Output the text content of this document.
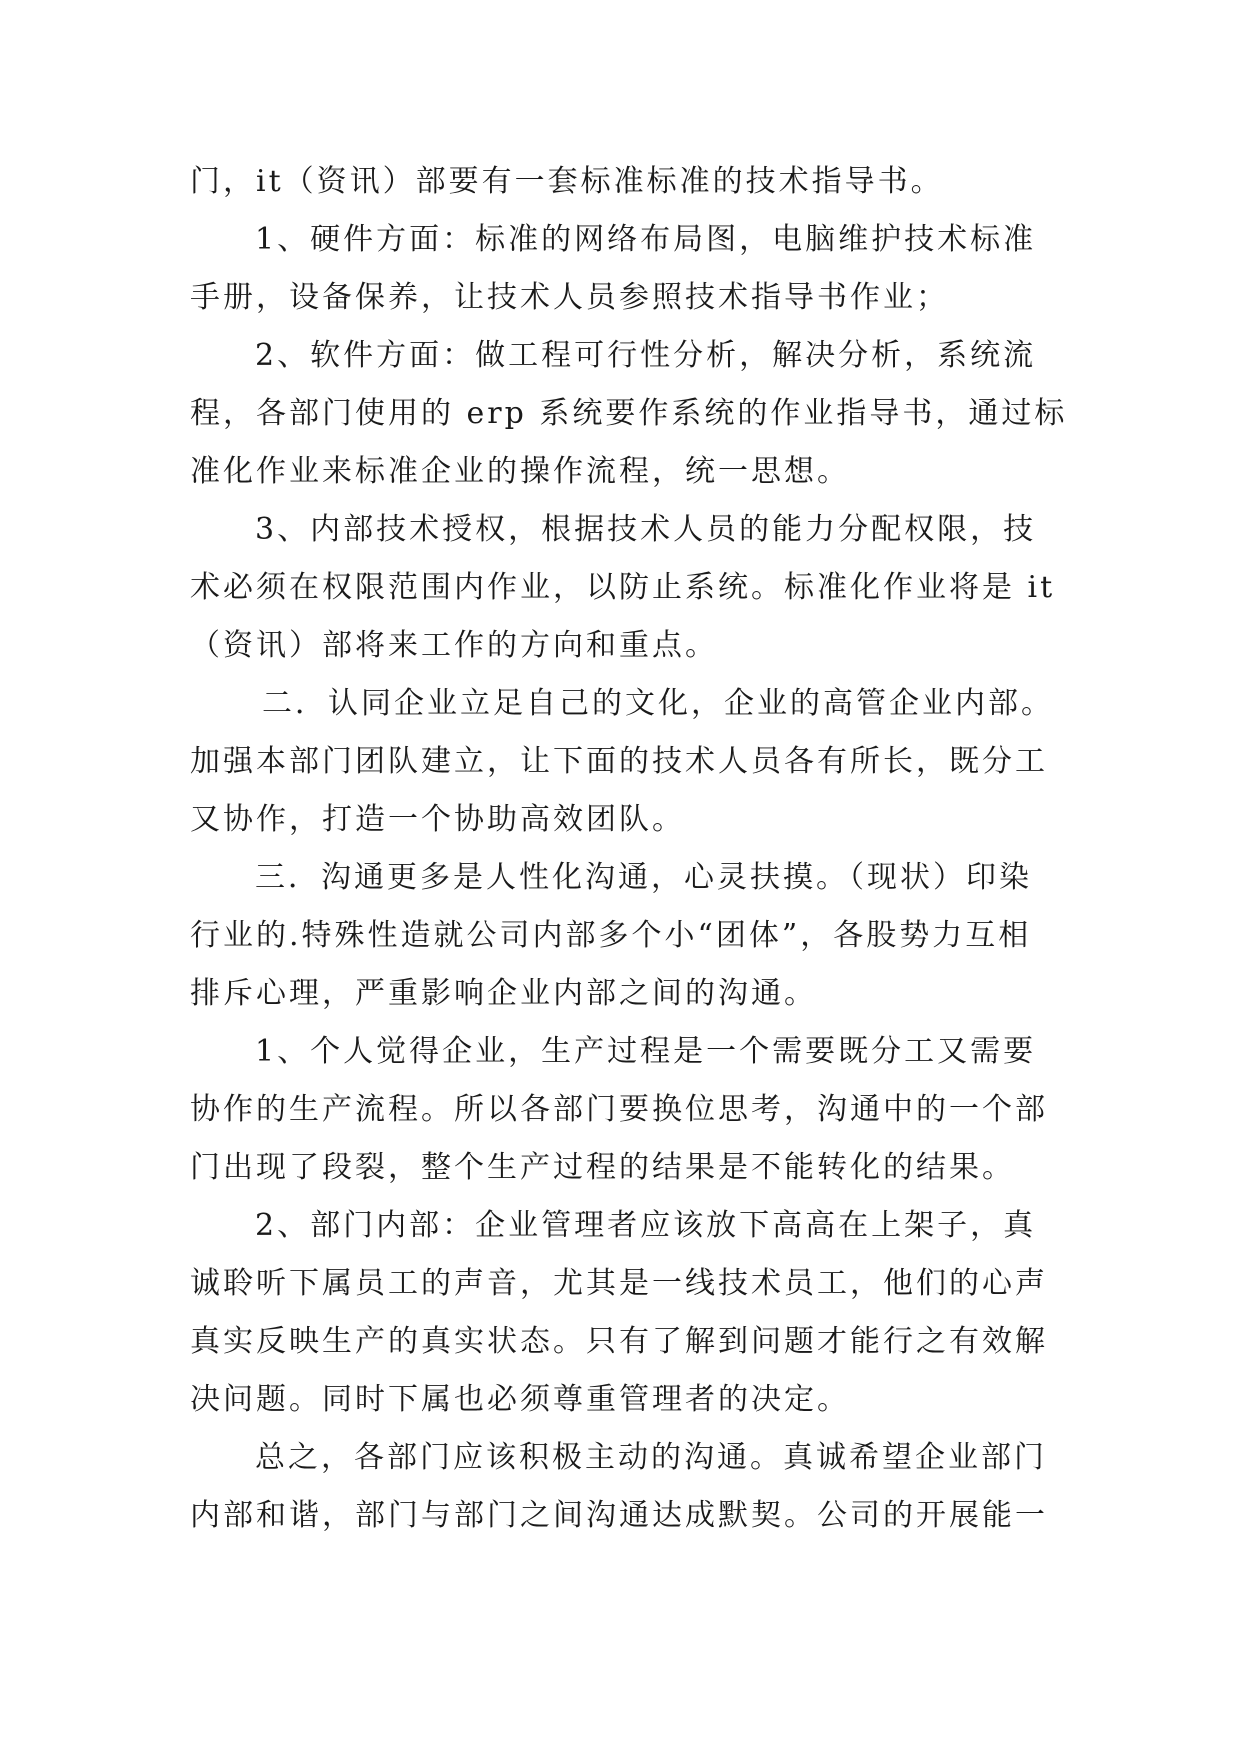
门，it（资讯）部要有一套标准标准的技术指导书。
1、硬件方面：标准的网络布局图，电脑维护技术标准
手册，设备保养，让技术人员参照技术指导书作业；
2、软件方面：做工程可行性分析，解决分析，系统流
程，各部门使用的 erp 系统要作系统的作业指导书，通过标
准化作业来标准企业的操作流程，统一思想。
3、内部技术授权，根据技术人员的能力分配权限，技
术必须在权限范围内作业，以防止系统。标准化作业将是 it
（资讯）部将来工作的方向和重点。
二．认同企业立足自己的文化，企业的高管企业内部。
加强本部门团队建立，让下面的技术人员各有所长，既分工
又协作，打造一个协助高效团队。
三．沟通更多是人性化沟通，心灵扶摸。（现状）印染
行业的.特殊性造就公司内部多个小“团体”，各股势力互相
排斥心理，严重影响企业内部之间的沟通。
1、个人觉得企业，生产过程是一个需要既分工又需要
协作的生产流程。所以各部门要换位思考，沟通中的一个部
门出现了段裂，整个生产过程的结果是不能转化的结果。
2、部门内部：企业管理者应该放下高高在上架子，真
诚聆听下属员工的声音，尤其是一线技术员工，他们的心声
真实反映生产的真实状态。只有了解到问题才能行之有效解
决问题。同时下属也必须尊重管理者的决定。
总之，各部门应该积极主动的沟通。真诚希望企业部门
内部和谐，部门与部门之间沟通达成默契。公司的开展能一
